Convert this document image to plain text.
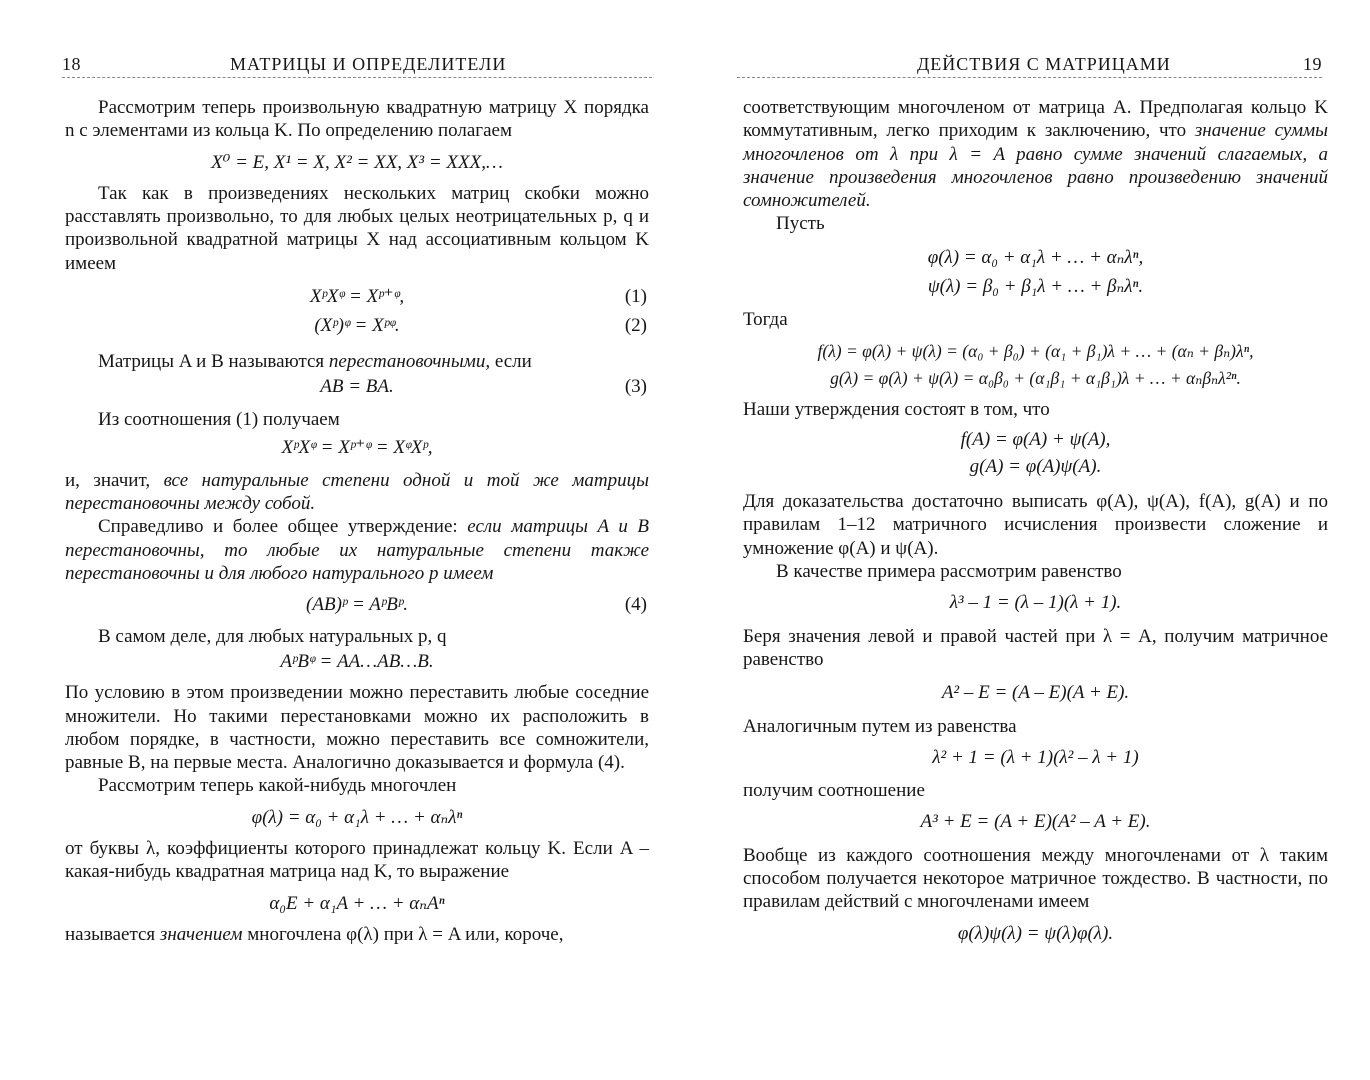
18	МАТРИЦЫ И ОПРЕДЕЛИТЕЛИ

Рассмотрим теперь произвольную квадратную матрицу X порядка n с элементами из кольца K. По определению полагаем

X⁰ = E, X¹ = X, X² = XX, X³ = XXX,…

Так как в произведениях нескольких матриц скобки можно расставлять произвольно, то для любых целых неотрицательных p, q и произвольной квадратной матрицы X над ассоциативным кольцом K имеем

XᵖXᵠ = Xᵖ⁺ᵠ,	(1)
(Xᵖ)ᵠ = Xᵖᵠ.	(2)

Матрицы A и B называются перестановочными, если

AB = BA.	(3)

Из соотношения (1) получаем

XᵖXᵠ = Xᵖ⁺ᵠ = XᵠXᵖ,

и, значит, все натуральные степени одной и той же матрицы перестановочны между собой.

Справедливо и более общее утверждение: если матрицы A и B перестановочны, то любые их натуральные степени также перестановочны и для любого натурального p имеем

(AB)ᵖ = AᵖBᵖ.	(4)

В самом деле, для любых натуральных p, q

AᵖBᵠ = AA…AB…B.

По условию в этом произведении можно переставить любые соседние множители. Но такими перестановками можно их расположить в любом порядке, в частности, можно переставить все сомножители, равные B, на первые места. Аналогично доказывается и формула (4).

Рассмотрим теперь какой-нибудь многочлен

φ(λ) = α₀ + α₁λ + … + αₙλⁿ

от буквы λ, коэффициенты которого принадлежат кольцу K. Если A – какая-нибудь квадратная матрица над K, то выражение

α₀E + α₁A + … + αₙAⁿ

называется значением многочлена φ(λ) при λ = A или, короче,

ДЕЙСТВИЯ С МАТРИЦАМИ	19

соответствующим многочленом от матрица A. Предполагая кольцо K коммутативным, легко приходим к заключению, что значение суммы многочленов от λ при λ = A равно сумме значений слагаемых, а значение произведения многочленов равно произведению значений сомножителей.

Пусть

φ(λ) = α₀ + α₁λ + … + αₙλⁿ,
ψ(λ) = β₀ + β₁λ + … + βₙλⁿ.

Тогда

f(λ) = φ(λ) + ψ(λ) = (α₀ + β₀) + (α₁ + β₁)λ + … + (αₙ + βₙ)λⁿ,
g(λ) = φ(λ) + ψ(λ) = α₀β₀ + (α₁β₁ + α₁β₁)λ + … + αₙβₙλ²ⁿ.

Наши утверждения состоят в том, что

f(A) = φ(A) + ψ(A),
g(A) = φ(A)ψ(A).

Для доказательства достаточно выписать φ(A), ψ(A), f(A), g(A) и по правилам 1–12 матричного исчисления произвести сложение и умножение φ(A) и ψ(A).

В качестве примера рассмотрим равенство

λ³ – 1 = (λ – 1)(λ + 1).

Беря значения левой и правой частей при λ = A, получим матричное равенство

A² – E = (A – E)(A + E).

Аналогичным путем из равенства

λ² + 1 = (λ + 1)(λ² – λ + 1)

получим соотношение

A³ + E = (A + E)(A² – A + E).

Вообще из каждого соотношения между многочленами от λ таким способом получается некоторое матричное тождество. В частности, по правилам действий с многочленами имеем

φ(λ)ψ(λ) = ψ(λ)φ(λ).
